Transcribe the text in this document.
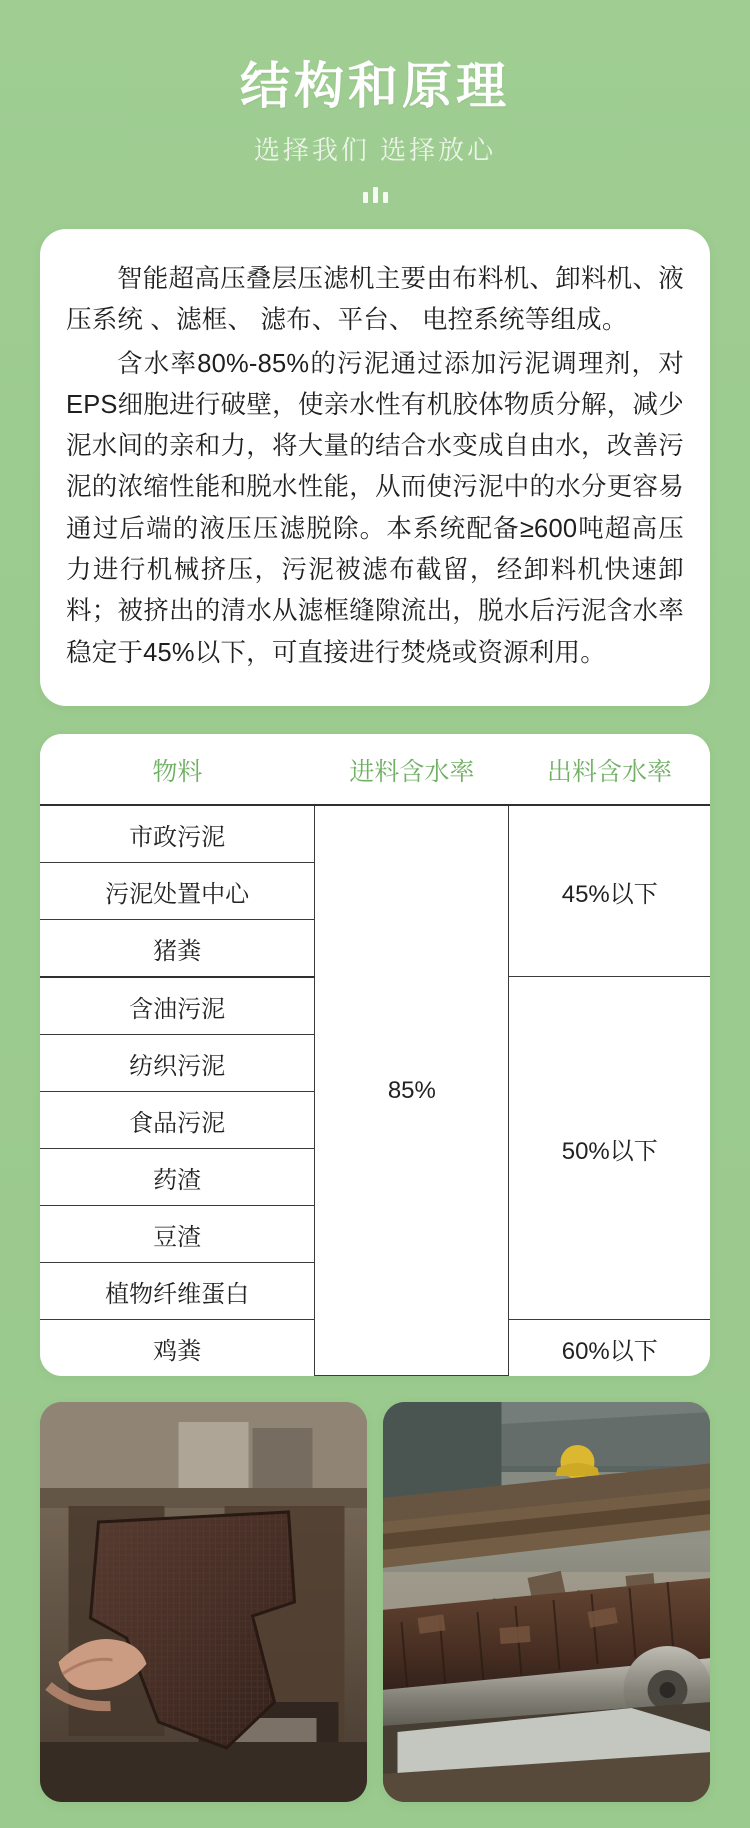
结构和原理
选择我们 选择放心

智能超高压叠层压滤机主要由布料机、卸料机、液压系统 、滤框、 滤布、平台、 电控系统等组成。

含水率80%-85%的污泥通过添加污泥调理剂，对EPS细胞进行破壁，使亲水性有机胶体物质分解，减少泥水间的亲和力，将大量的结合水变成自由水，改善污泥的浓缩性能和脱水性能，从而使污泥中的水分更容易通过后端的液压压滤脱除。本系统配备≥600吨超高压力进行机械挤压，污泥被滤布截留，经卸料机快速卸料；被挤出的清水从滤框缝隙流出，脱水后污泥含水率稳定于45%以下，可直接进行焚烧或资源利用。

物料	进料含水率	出料含水率
市政污泥	85%	45%以下
污泥处置中心		
猪粪		
含油污泥		50%以下
纺织污泥		
食品污泥		
药渣		
豆渣		
植物纤维蛋白		
鸡粪		60%以下
